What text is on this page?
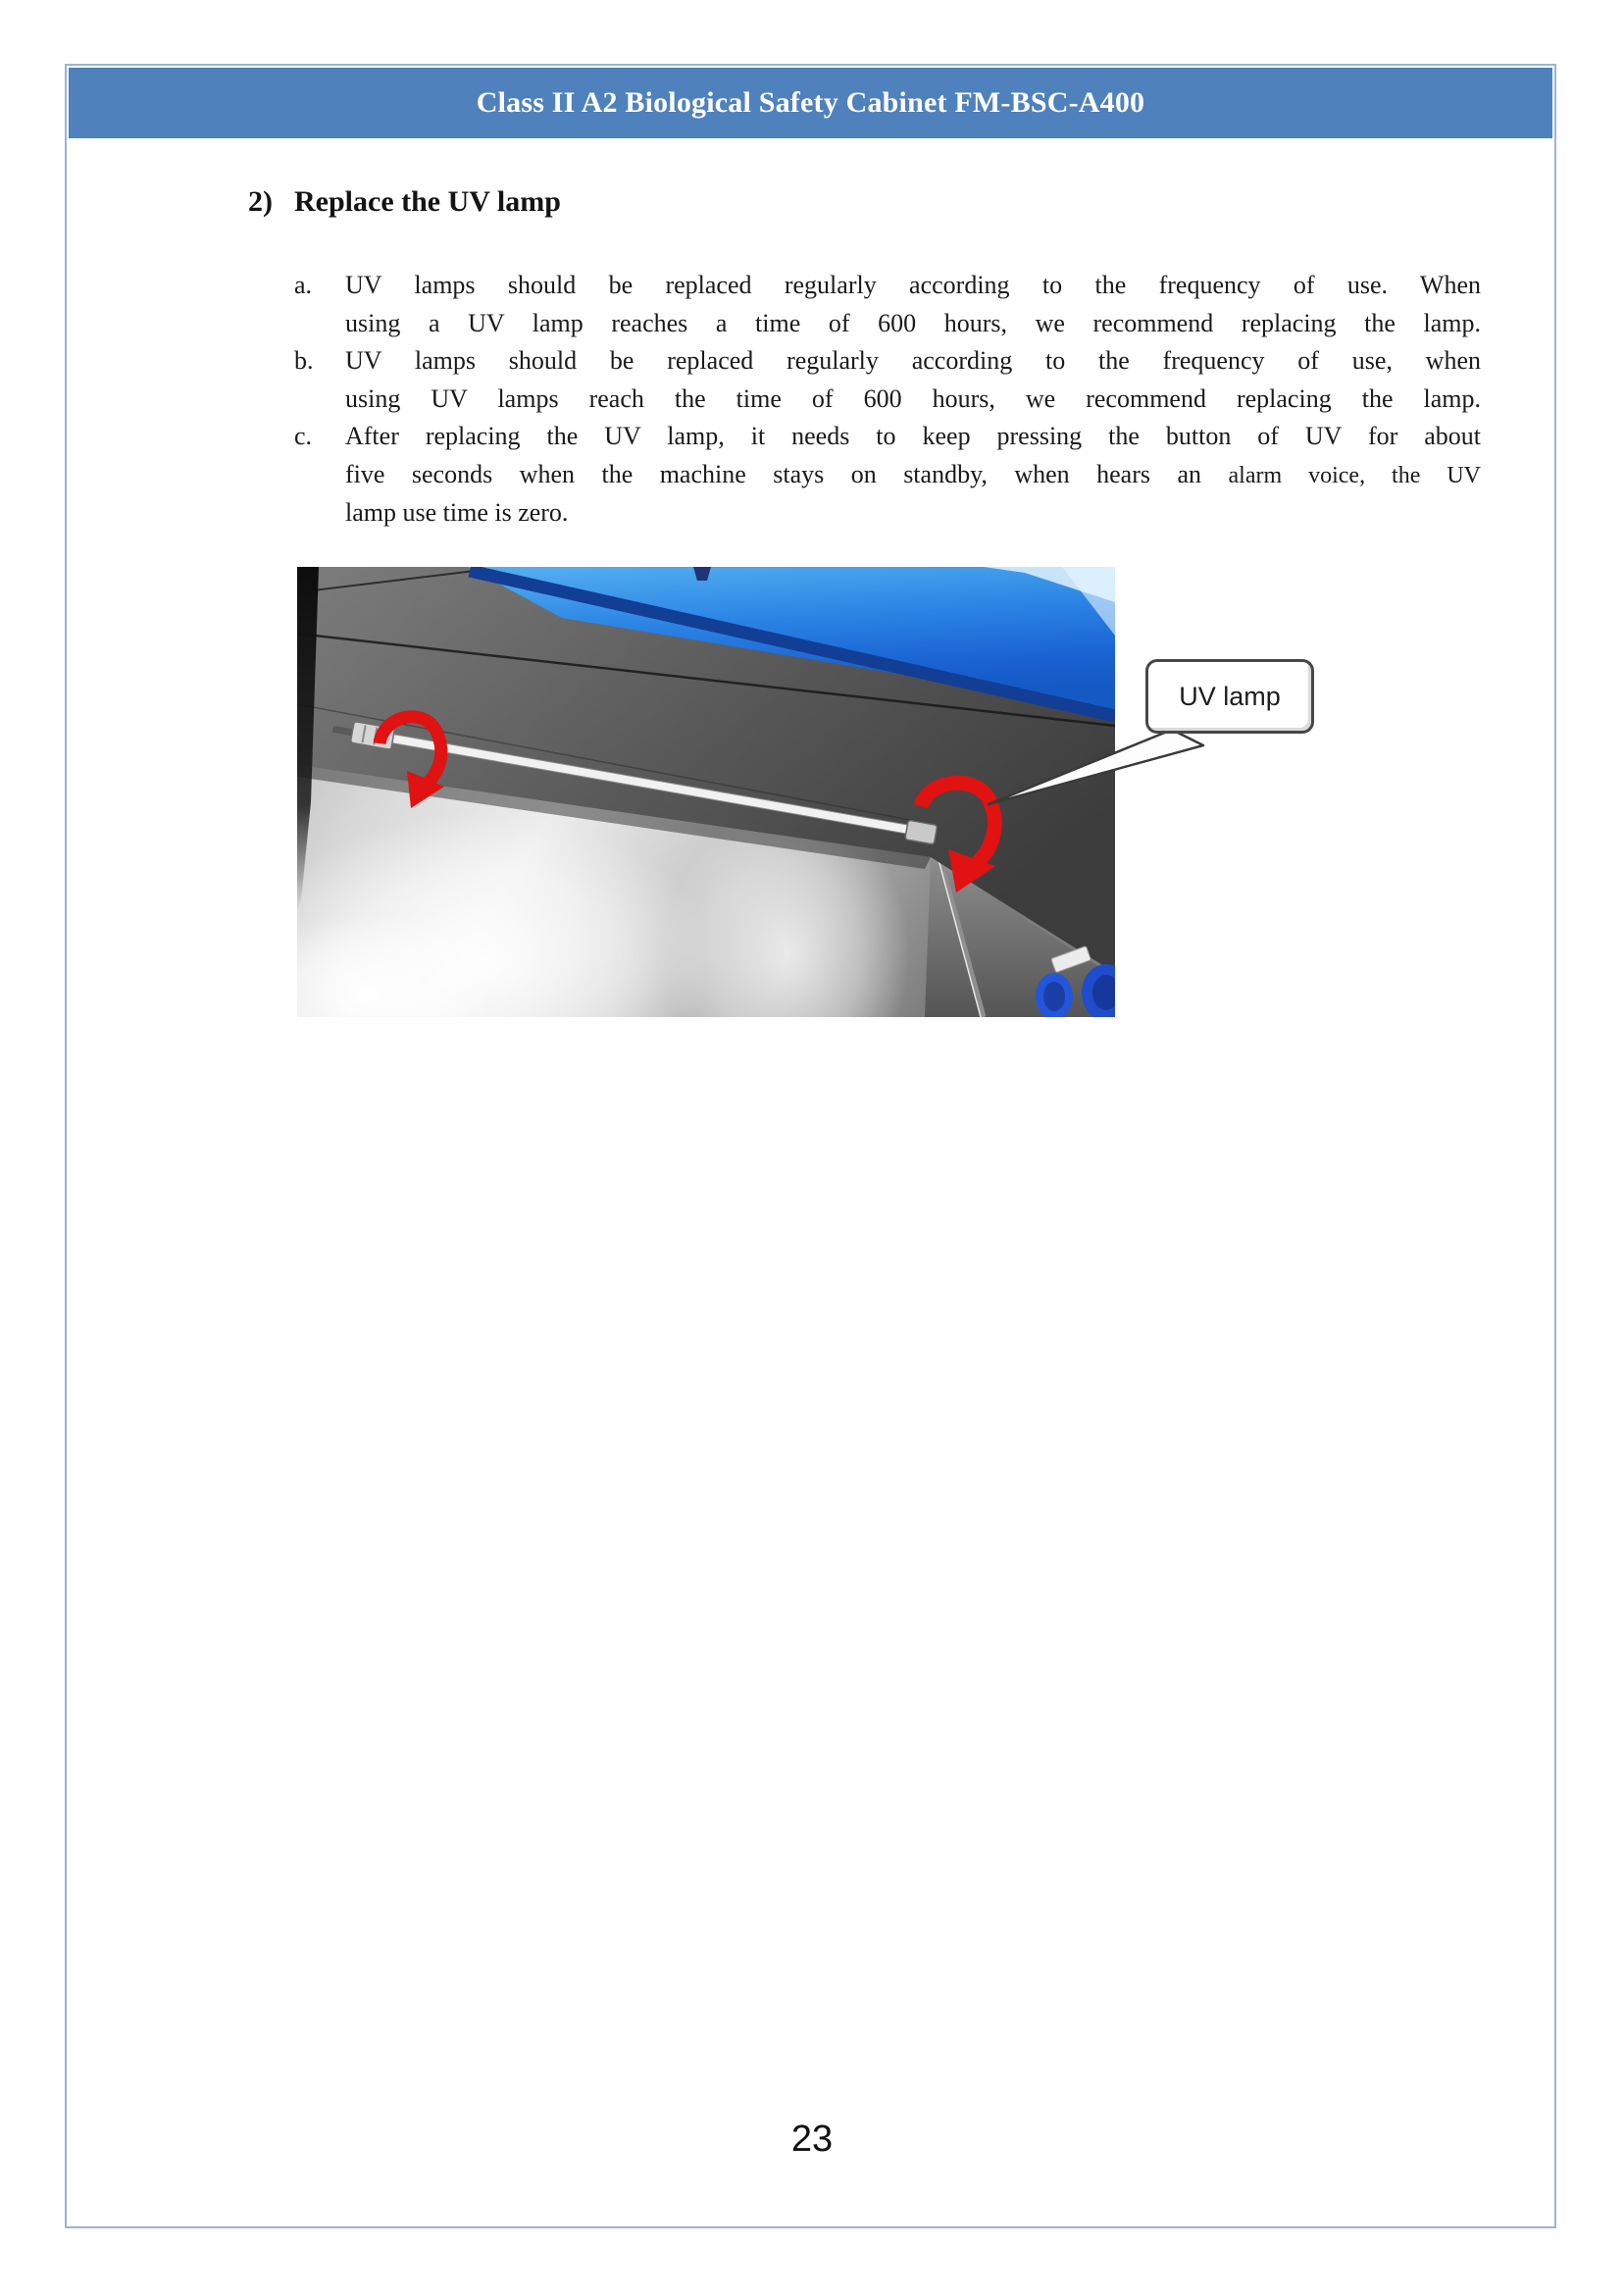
Class II A2 Biological Safety Cabinet FM-BSC-A400
2) Replace the UV lamp
a.	UV lamps should be replaced regularly according to the frequency of use. When
using a UV lamp reaches a time of 600 hours, we recommend replacing the lamp.
b.	UV lamps should be replaced regularly according to the frequency of use, when
using UV lamps reach the time of 600 hours, we recommend replacing the lamp.
c.	After replacing the UV lamp, it needs to keep pressing the button of UV for about
five seconds when the machine stays on standby, when hears an alarm voice, the UV
lamp use time is zero.
UV lamp
23
